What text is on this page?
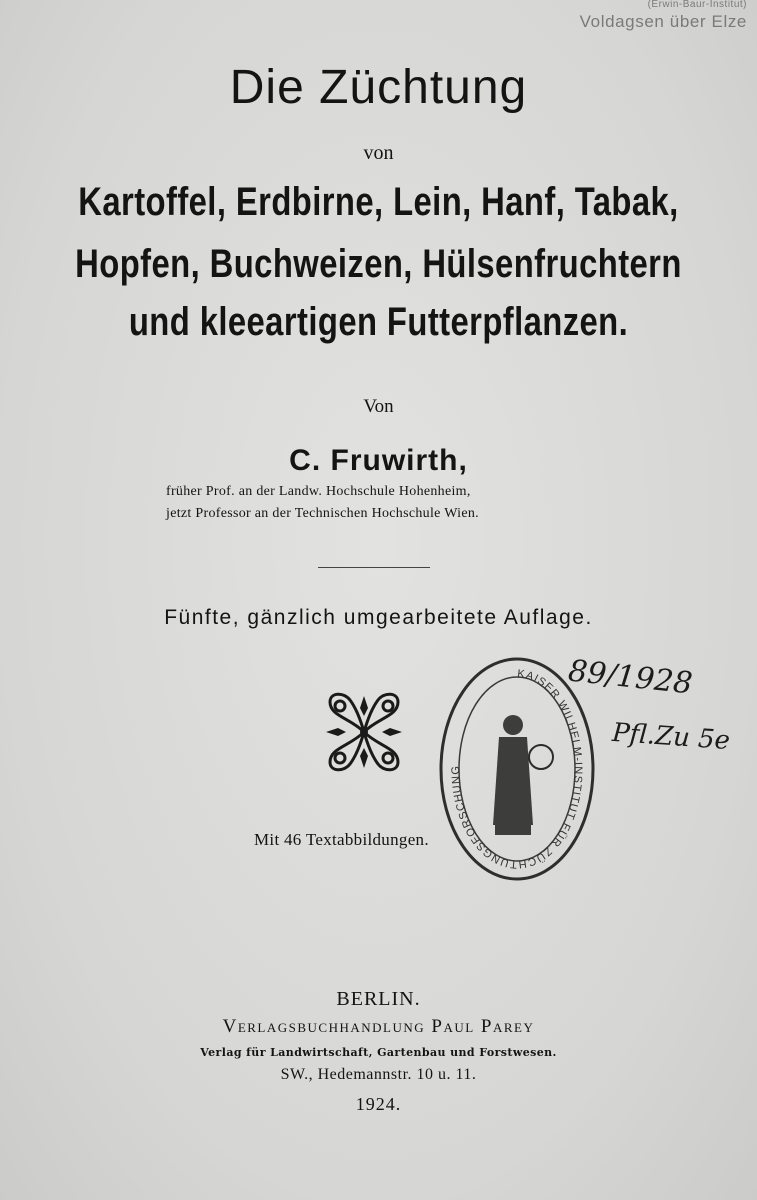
(Erwin-Baur-Institut)
Voldagsen über Elze
Die Züchtung
von
Kartoffel, Erdbirne, Lein, Hanf, Tabak,
Hopfen, Buchweizen, Hülsenfruchtern
und kleeartigen Futterpflanzen.
Von
C. Fruwirth,
früher Prof. an der Landw. Hochschule Hohenheim,
jetzt Professor an der Technischen Hochschule Wien.
Fünfte, gänzlich umgearbeitete Auflage.
KAISER WILHELM-INSTITUT FÜR ZÜCHTUNGSFORSCHUNG
Mit 46 Textabbildungen.
89/1928
Pfl.Zu 5e
BERLIN.
Verlagsbuchhandlung Paul Parey
Verlag für Landwirtschaft, Gartenbau und Forstwesen.
SW., Hedemannstr. 10 u. 11.
1924.
